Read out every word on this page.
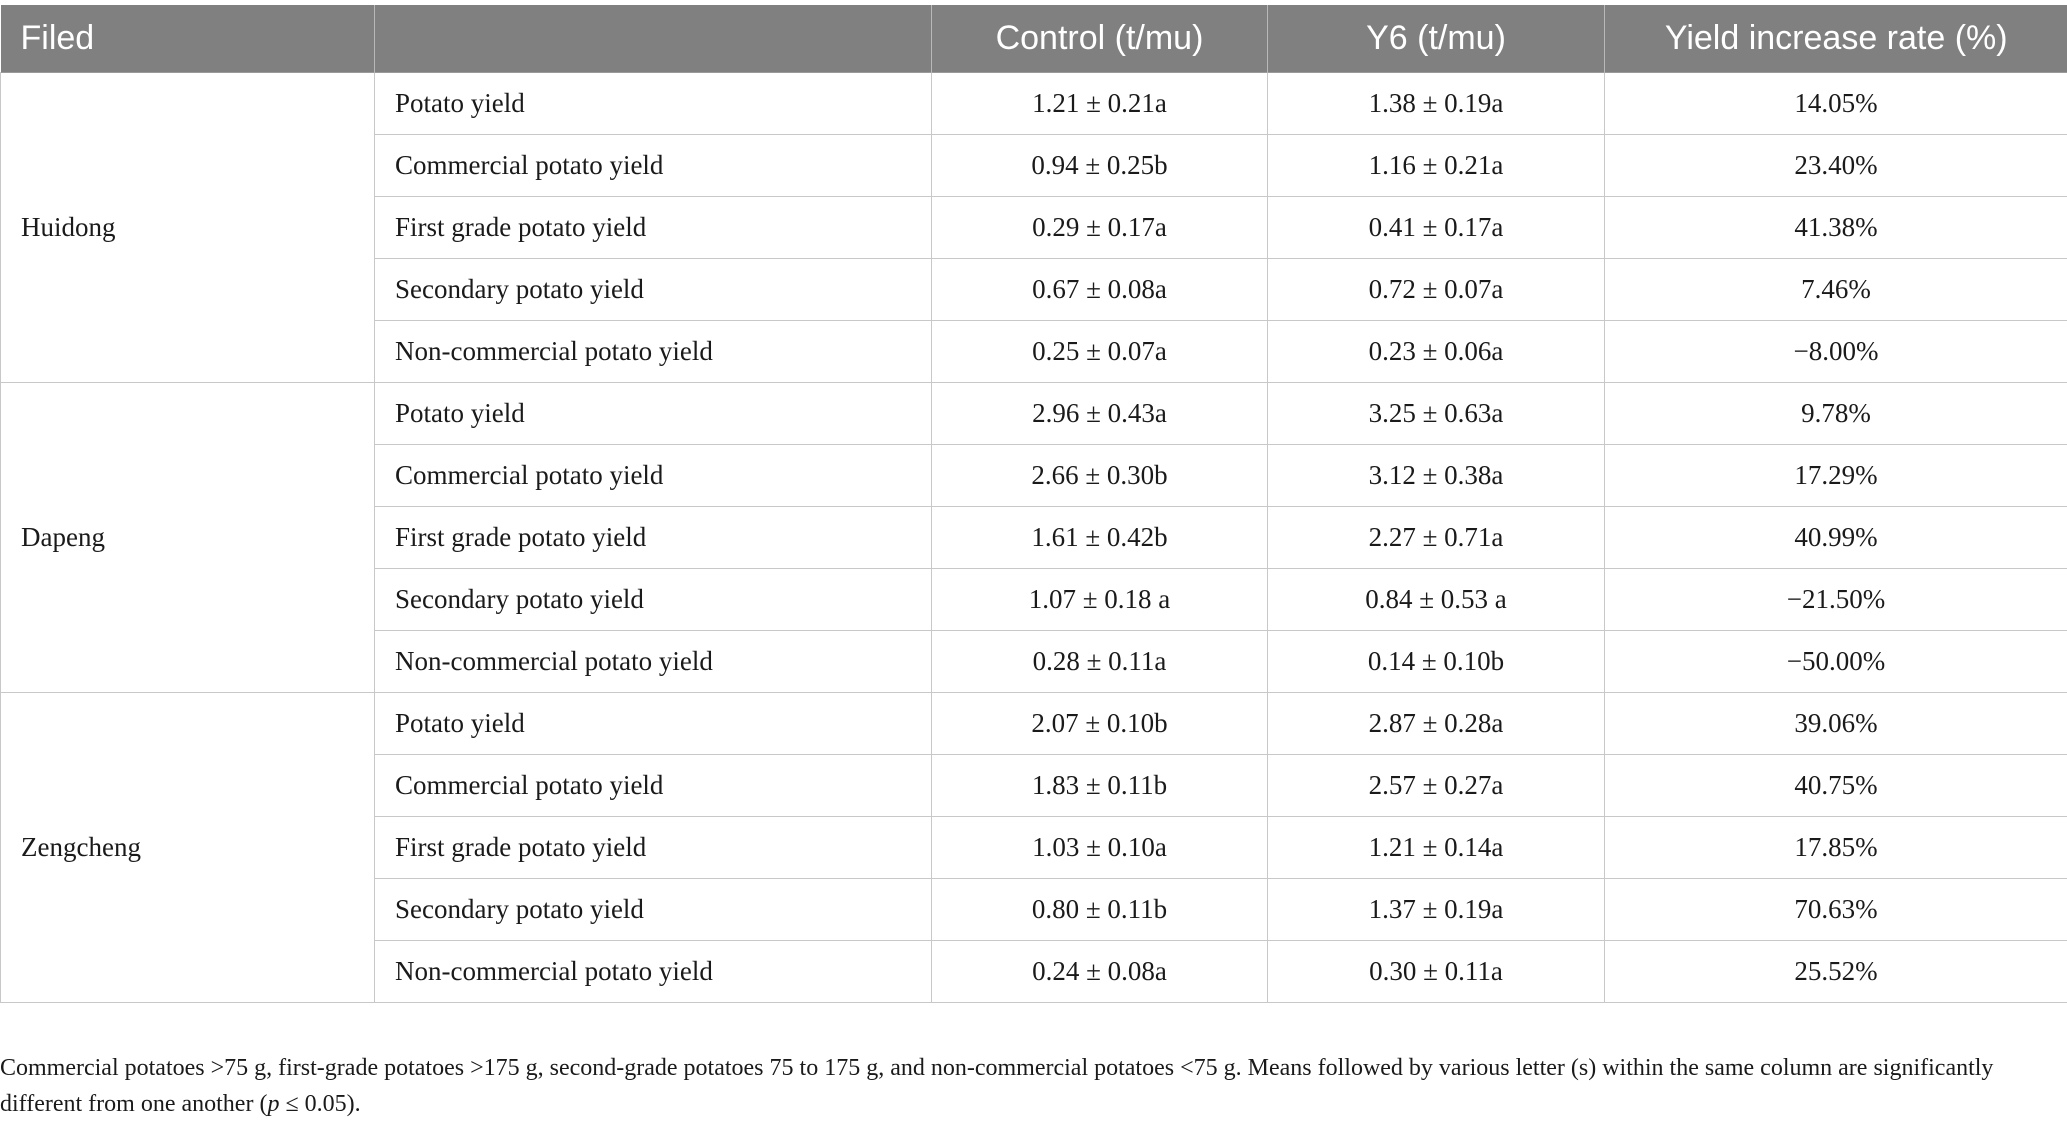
Filed		Control (t/mu)	Y6 (t/mu)	Yield increase rate (%)
Huidong	Potato yield	1.21 ± 0.21a	1.38 ± 0.19a	14.05%
	Commercial potato yield	0.94 ± 0.25b	1.16 ± 0.21a	23.40%
	First grade potato yield	0.29 ± 0.17a	0.41 ± 0.17a	41.38%
	Secondary potato yield	0.67 ± 0.08a	0.72 ± 0.07a	7.46%
	Non-commercial potato yield	0.25 ± 0.07a	0.23 ± 0.06a	−8.00%
Dapeng	Potato yield	2.96 ± 0.43a	3.25 ± 0.63a	9.78%
	Commercial potato yield	2.66 ± 0.30b	3.12 ± 0.38a	17.29%
	First grade potato yield	1.61 ± 0.42b	2.27 ± 0.71a	40.99%
	Secondary potato yield	1.07 ± 0.18 a	0.84 ± 0.53 a	−21.50%
	Non-commercial potato yield	0.28 ± 0.11a	0.14 ± 0.10b	−50.00%
Zengcheng	Potato yield	2.07 ± 0.10b	2.87 ± 0.28a	39.06%
	Commercial potato yield	1.83 ± 0.11b	2.57 ± 0.27a	40.75%
	First grade potato yield	1.03 ± 0.10a	1.21 ± 0.14a	17.85%
	Secondary potato yield	0.80 ± 0.11b	1.37 ± 0.19a	70.63%
	Non-commercial potato yield	0.24 ± 0.08a	0.30 ± 0.11a	25.52%
Commercial potatoes >75 g, first-grade potatoes >175 g, second-grade potatoes 75 to 175 g, and non-commercial potatoes <75 g. Means followed by various letter (s) within the same column are significantly different from one another (p ≤ 0.05).
